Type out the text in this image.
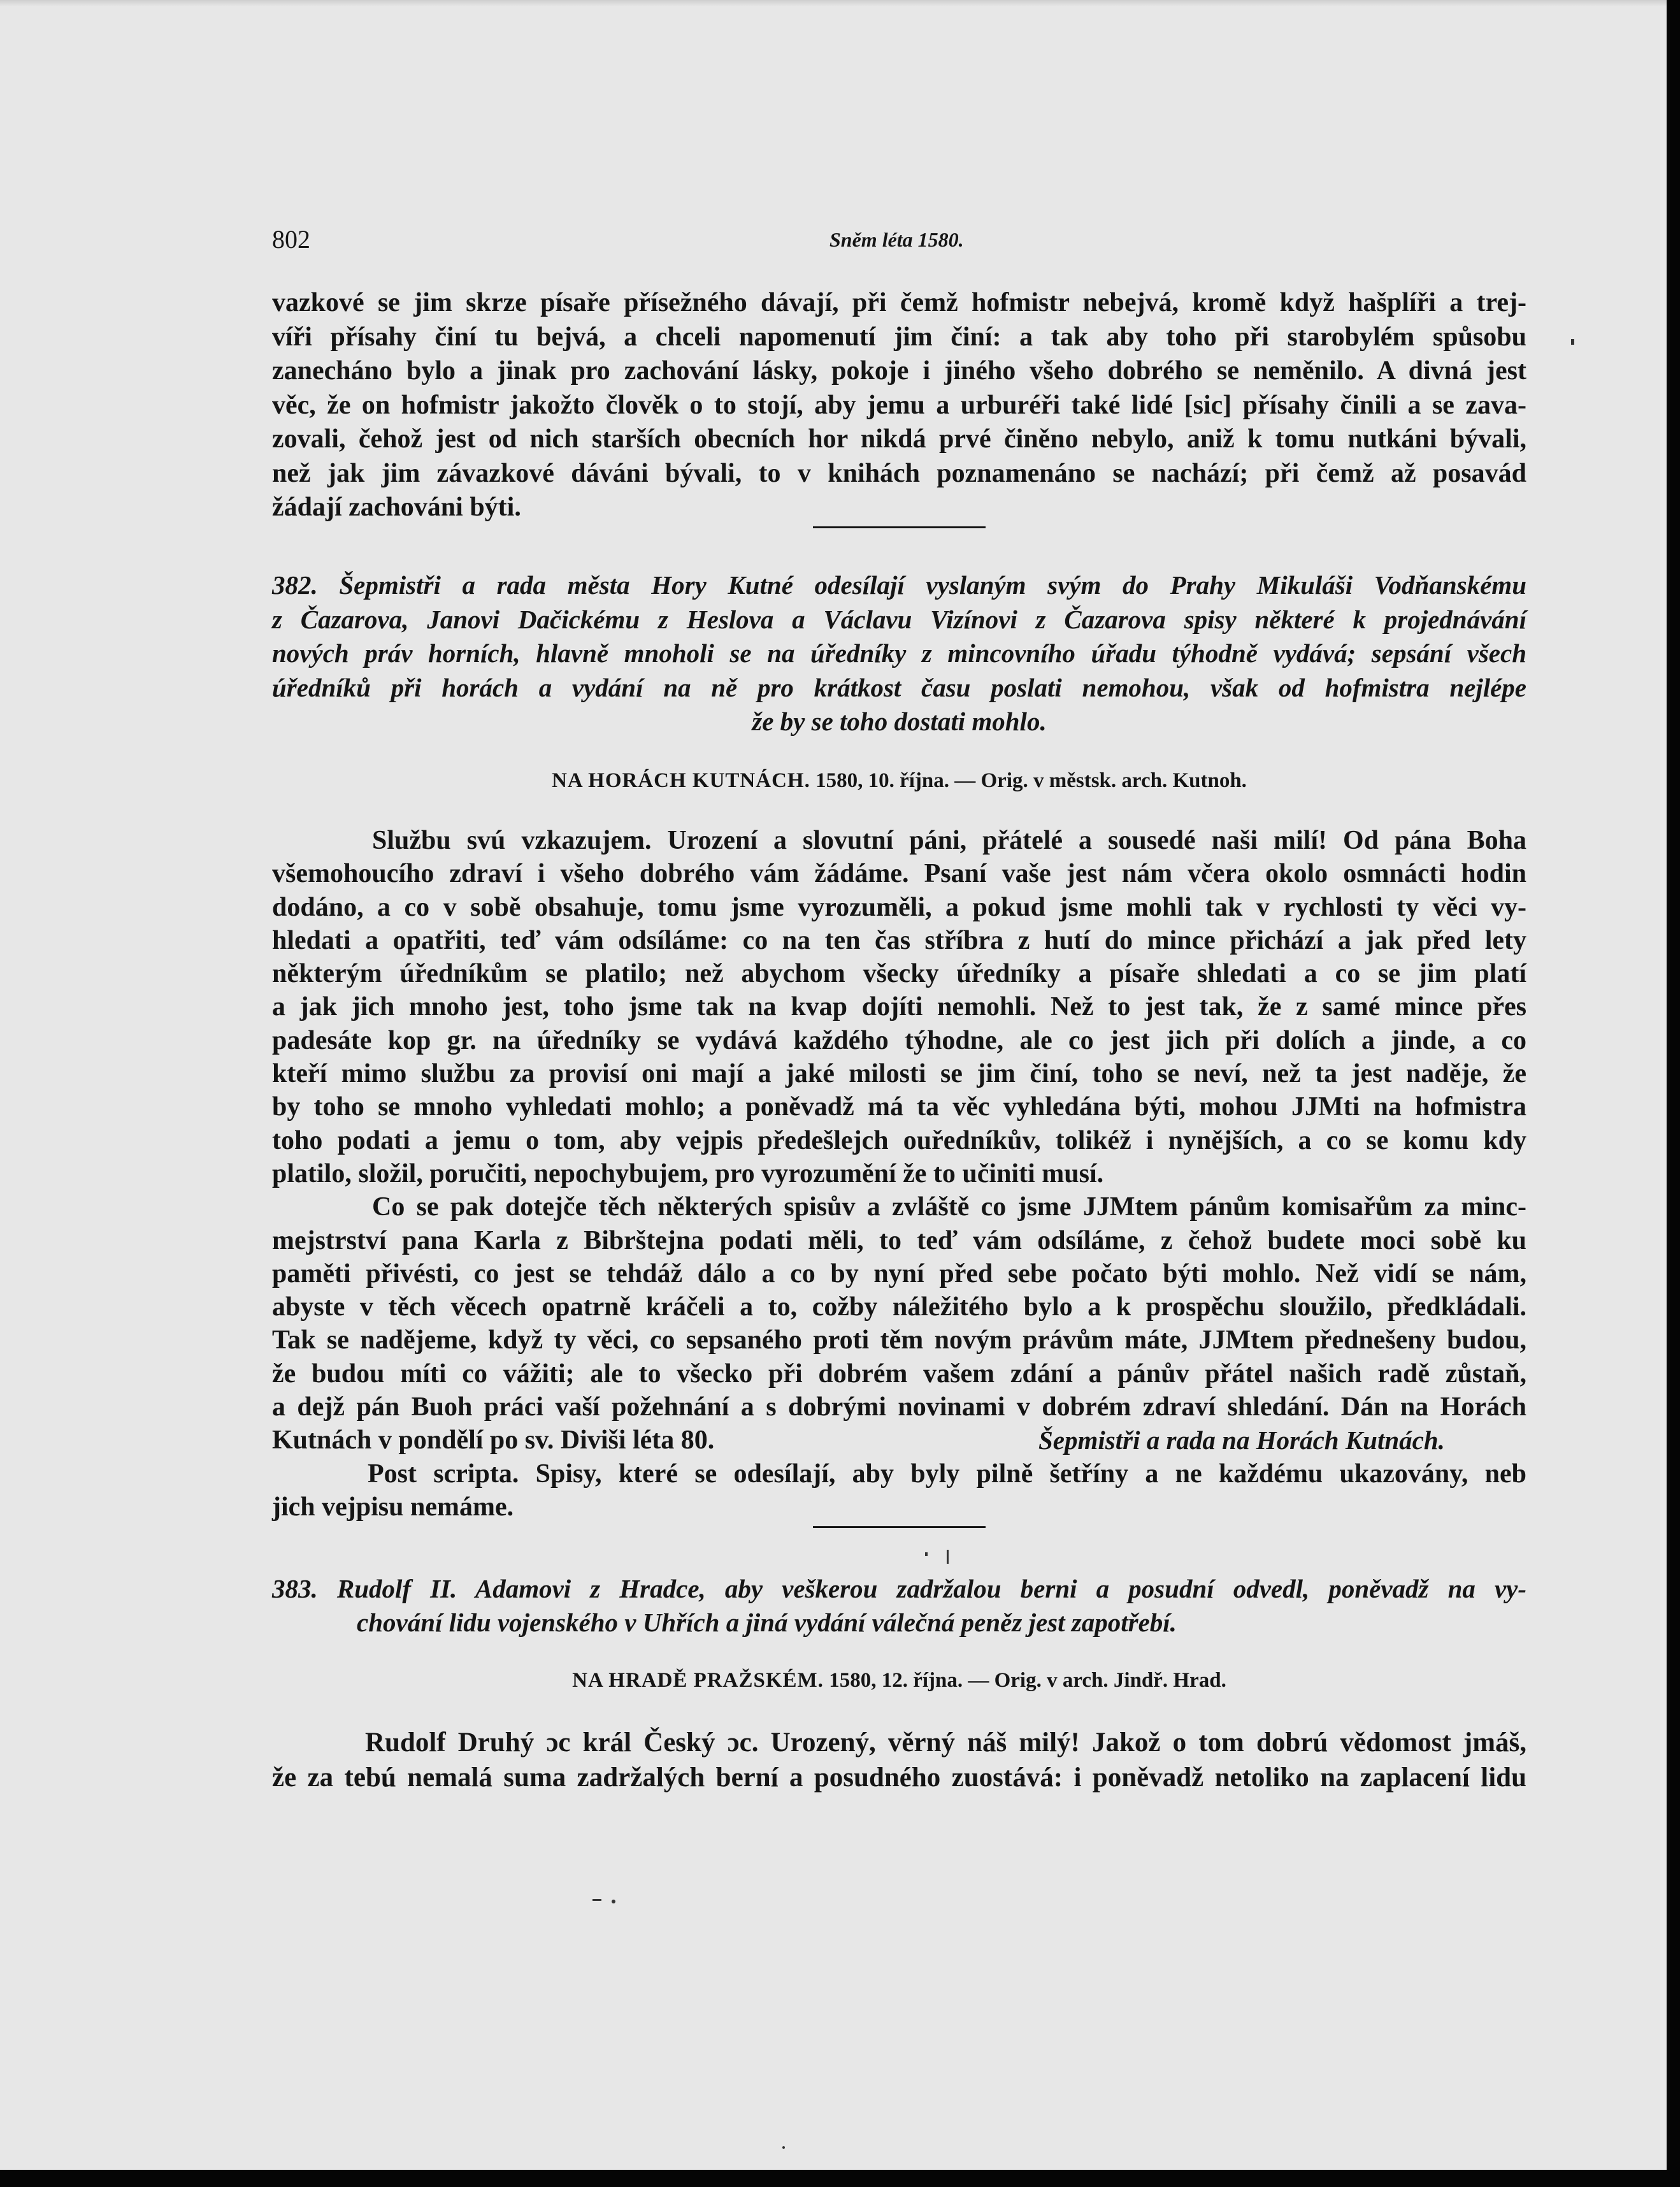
802	Sněm léta 1580.
vazkové se jim skrze písaře přísežného dávají, při čemž hofmistr nebejvá, kromě když hašplíři a trej-
víři přísahy činí tu bejvá, a chceli napomenutí jim činí: a tak aby toho při starobylém spůsobu
zanecháno bylo a jinak pro zachování lásky, pokoje i jiného všeho dobrého se neměnilo. A divná jest
věc, že on hofmistr jakožto člověk o to stojí, aby jemu a urburéři také lidé [sic] přísahy činili a se zava-
zovali, čehož jest od nich starších obecních hor nikdá prvé činěno nebylo, aniž k tomu nutkáni bývali,
než jak jim závazkové dáváni bývali, to v knihách poznamenáno se nachází; při čemž až posavád
žádají zachováni býti.
382. Šepmistři a rada města Hory Kutné odesílají vyslaným svým do Prahy Mikuláši Vodňanskému
z Čazarova, Janovi Dačickému z Heslova a Václavu Vizínovi z Čazarova spisy některé k projednávání
nových práv horních, hlavně mnoholi se na úředníky z mincovního úřadu týhodně vydává; sepsání všech
úředníků při horách a vydání na ně pro krátkost času poslati nemohou, však od hofmistra nejlépe
že by se toho dostati mohlo.
NA HORÁCH KUTNÁCH. 1580, 10. října. — Orig. v městsk. arch. Kutnoh.
Službu svú vzkazujem. Urození a slovutní páni, přátelé a sousedé naši milí! Od pána Boha
všemohoucího zdraví i všeho dobrého vám žádáme. Psaní vaše jest nám včera okolo osmnácti hodin
dodáno, a co v sobě obsahuje, tomu jsme vyrozuměli, a pokud jsme mohli tak v rychlosti ty věci vy-
hledati a opatřiti, teď vám odsíláme: co na ten čas stříbra z hutí do mince přichází a jak před lety
některým úředníkům se platilo; než abychom všecky úředníky a písaře shledati a co se jim platí
a jak jich mnoho jest, toho jsme tak na kvap dojíti nemohli. Než to jest tak, že z samé mince přes
padesáte kop gr. na úředníky se vydává každého týhodne, ale co jest jich při dolích a jinde, a co
kteří mimo službu za provisí oni mají a jaké milosti se jim činí, toho se neví, než ta jest naděje, že
by toho se mnoho vyhledati mohlo; a poněvadž má ta věc vyhledána býti, mohou JJMti na hofmistra
toho podati a jemu o tom, aby vejpis předešlejch ouředníkův, tolikéž i nynějších, a co se komu kdy
platilo, složil, poručiti, nepochybujem, pro vyrozumění že to učiniti musí.
Co se pak dotejče těch některých spisův a zvláště co jsme JJMtem pánům komisařům za minc-
mejstrství pana Karla z Bibrštejna podati měli, to teď vám odsíláme, z čehož budete moci sobě ku
paměti přivésti, co jest se tehdáž dálo a co by nyní před sebe počato býti mohlo. Než vidí se nám,
abyste v těch věcech opatrně kráčeli a to, cožby náležitého bylo a k prospěchu sloužilo, předkládali.
Tak se nadějeme, když ty věci, co sepsaného proti těm novým právům máte, JJMtem přednešeny budou,
že budou míti co vážiti; ale to všecko při dobrém vašem zdání a pánův přátel našich radě zůstaň,
a dejž pán Buoh práci vaší požehnání a s dobrými novinami v dobrém zdraví shledání. Dán na Horách
Kutnách v pondělí po sv. Diviši léta 80.	Šepmistři a rada na Horách Kutnách.
Post scripta. Spisy, které se odesílají, aby byly pilně šetříny a ne každému ukazovány, neb
jich vejpisu nemáme.
383. Rudolf II. Adamovi z Hradce, aby veškerou zadržalou berni a posudní odvedl, poněvadž na vy-
chování lidu vojenského v Uhřích a jiná vydání válečná peněz jest zapotřebí.
NA HRADĚ PRAŽSKÉM. 1580, 12. října. — Orig. v arch. Jindř. Hrad.
Rudolf Druhý ɔc král Český ɔc. Urozený, věrný náš milý! Jakož o tom dobrú vědomost jmáš,
že za tebú nemalá suma zadržalých berní a posudného zuostává: i poněvadž netoliko na zaplacení lidu
